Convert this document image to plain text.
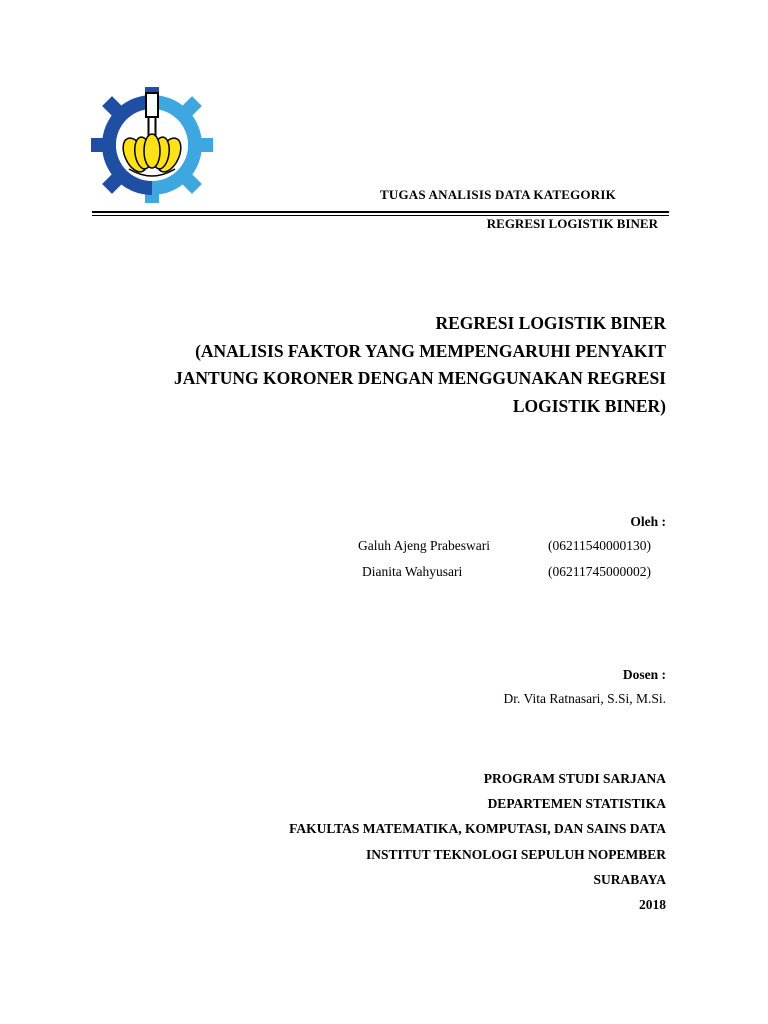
TUGAS ANALISIS DATA KATEGORIK
REGRESI LOGISTIK BINER
REGRESI LOGISTIK BINER
(ANALISIS FAKTOR YANG MEMPENGARUHI PENYAKIT
JANTUNG KORONER DENGAN MENGGUNAKAN REGRESI
LOGISTIK BINER)
Oleh :
Galuh Ajeng Prabeswari	(06211540000130)
Dianita Wahyusari	(06211745000002)
Dosen :
Dr. Vita Ratnasari, S.Si, M.Si.
PROGRAM STUDI SARJANA
DEPARTEMEN STATISTIKA
FAKULTAS MATEMATIKA, KOMPUTASI, DAN SAINS DATA
INSTITUT TEKNOLOGI SEPULUH NOPEMBER
SURABAYA
2018
